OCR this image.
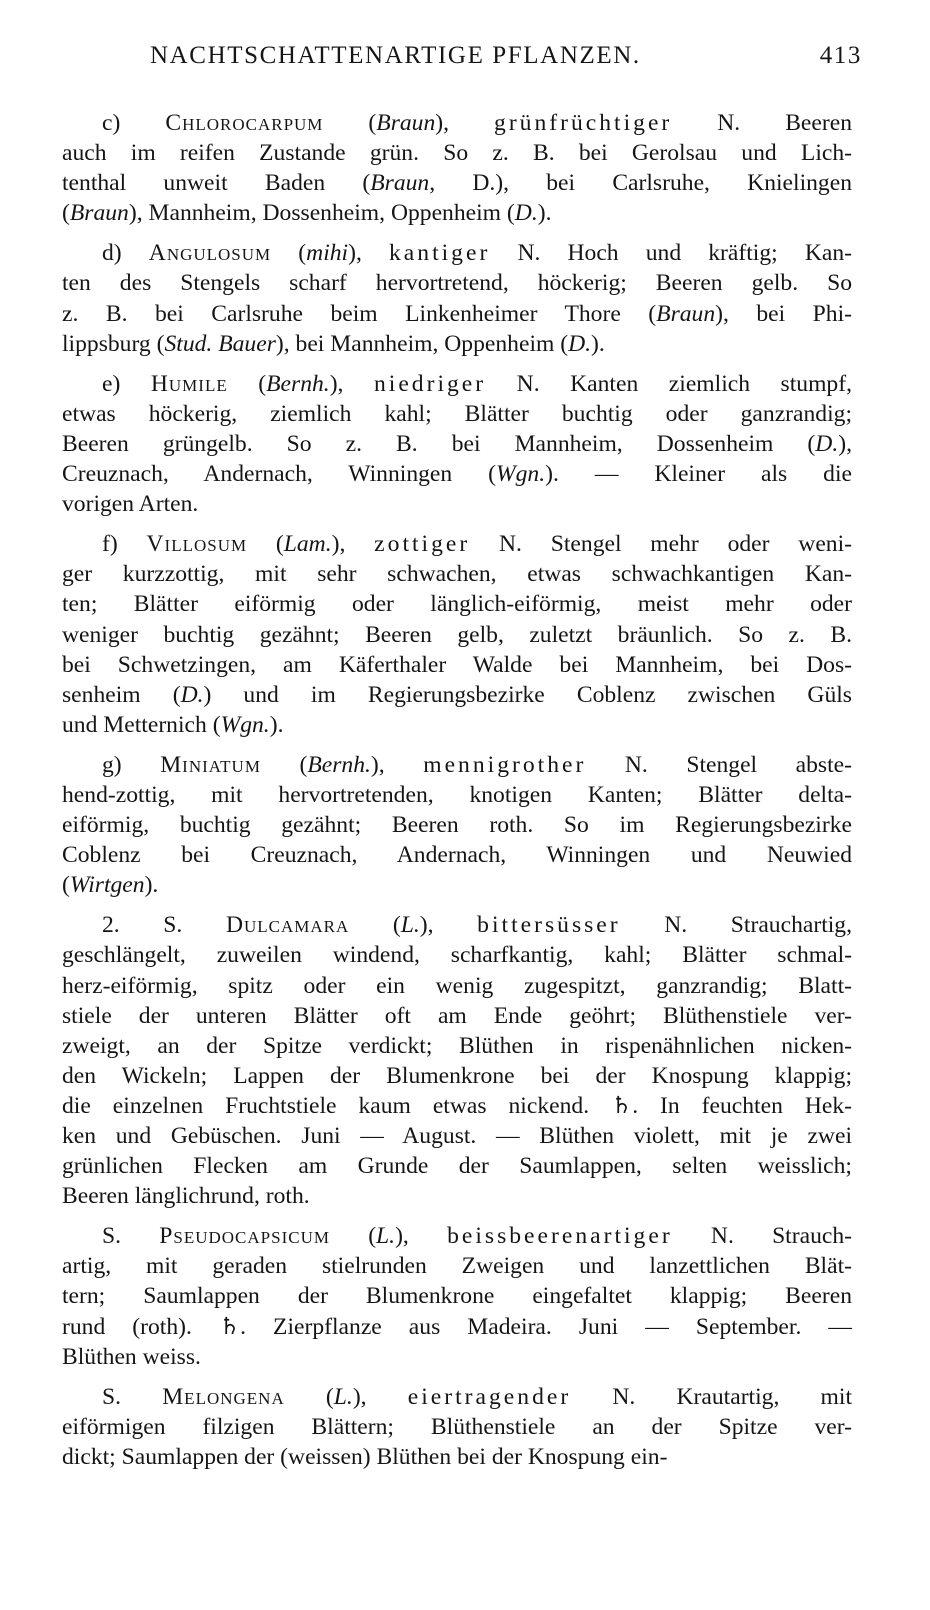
NACHTSCHATTENARTIGE PFLANZEN.	413
c) Chlorocarpum (Braun), grünfrüchtiger N. Beeren
auch im reifen Zustande grün. So z. B. bei Gerolsau und Lich-
tenthal unweit Baden (Braun, D.), bei Carlsruhe, Knielingen
(Braun), Mannheim, Dossenheim, Oppenheim (D.).
d) Angulosum (mihi), kantiger N. Hoch und kräftig; Kan-
ten des Stengels scharf hervortretend, höckerig; Beeren gelb. So
z. B. bei Carlsruhe beim Linkenheimer Thore (Braun), bei Phi-
lippsburg (Stud. Bauer), bei Mannheim, Oppenheim (D.).
e) Humile (Bernh.), niedriger N. Kanten ziemlich stumpf,
etwas höckerig, ziemlich kahl; Blätter buchtig oder ganzrandig;
Beeren grüngelb. So z. B. bei Mannheim, Dossenheim (D.),
Creuznach, Andernach, Winningen (Wgn.). — Kleiner als die
vorigen Arten.
f) Villosum (Lam.), zottiger N. Stengel mehr oder weni-
ger kurzzottig, mit sehr schwachen, etwas schwachkantigen Kan-
ten; Blätter eiförmig oder länglich-eiförmig, meist mehr oder
weniger buchtig gezähnt; Beeren gelb, zuletzt bräunlich. So z. B.
bei Schwetzingen, am Käferthaler Walde bei Mannheim, bei Dos-
senheim (D.) und im Regierungsbezirke Coblenz zwischen Güls
und Metternich (Wgn.).
g) Miniatum (Bernh.), mennigrother N. Stengel abste-
hend-zottig, mit hervortretenden, knotigen Kanten; Blätter delta-
eiförmig, buchtig gezähnt; Beeren roth. So im Regierungsbezirke
Coblenz bei Creuznach, Andernach, Winningen und Neuwied
(Wirtgen).
2. S. Dulcamara (L.), bittersüsser N. Strauchartig,
geschlängelt, zuweilen windend, scharfkantig, kahl; Blätter schmal-
herz-eiförmig, spitz oder ein wenig zugespitzt, ganzrandig; Blatt-
stiele der unteren Blätter oft am Ende geöhrt; Blüthenstiele ver-
zweigt, an der Spitze verdickt; Blüthen in rispenähnlichen nicken-
den Wickeln; Lappen der Blumenkrone bei der Knospung klappig;
die einzelnen Fruchtstiele kaum etwas nickend. ♄. In feuchten Hek-
ken und Gebüschen. Juni — August. — Blüthen violett, mit je zwei
grünlichen Flecken am Grunde der Saumlappen, selten weisslich;
Beeren länglichrund, roth.
S. Pseudocapsicum (L.), beissbeerenartiger N. Strauch-
artig, mit geraden stielrunden Zweigen und lanzettlichen Blät-
tern; Saumlappen der Blumenkrone eingefaltet klappig; Beeren
rund (roth). ♄. Zierpflanze aus Madeira. Juni — September. —
Blüthen weiss.
S. Melongena (L.), eiertragender N. Krautartig, mit
eiförmigen filzigen Blättern; Blüthenstiele an der Spitze ver-
dickt; Saumlappen der (weissen) Blüthen bei der Knospung ein-
